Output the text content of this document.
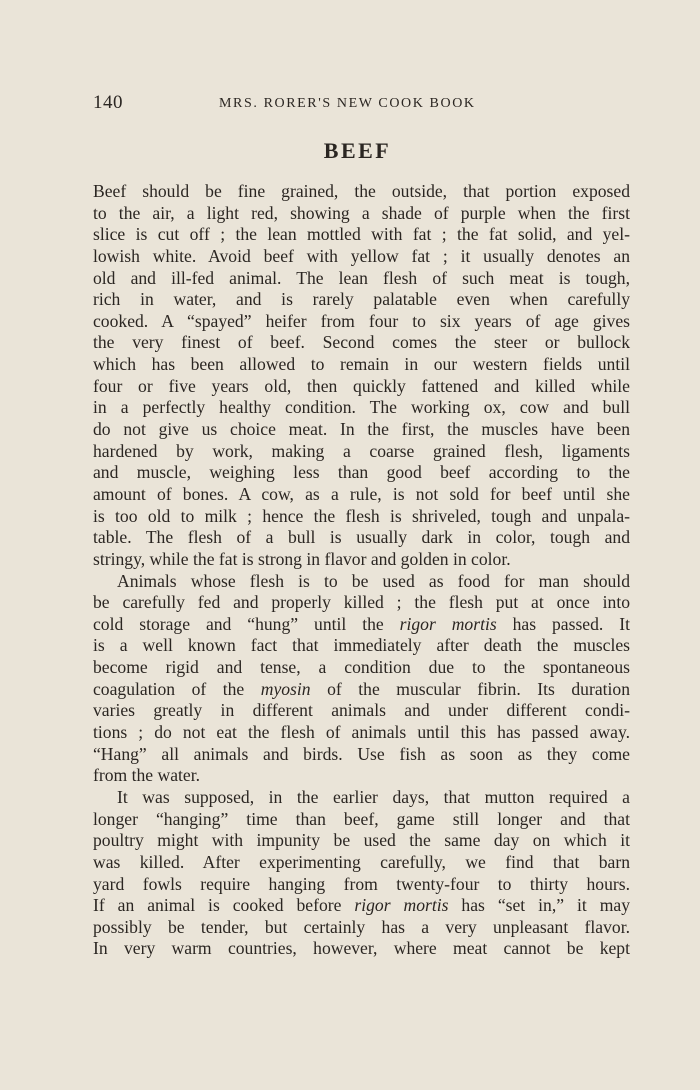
140	MRS. RORER'S NEW COOK BOOK
BEEF
Beef should be fine grained, the outside, that portion exposed
to the air, a light red, showing a shade of purple when the first
slice is cut off ; the lean mottled with fat ; the fat solid, and yel-
lowish white. Avoid beef with yellow fat ; it usually denotes an
old and ill-fed animal. The lean flesh of such meat is tough,
rich in water, and is rarely palatable even when carefully
cooked. A “spayed” heifer from four to six years of age gives
the very finest of beef. Second comes the steer or bullock
which has been allowed to remain in our western fields until
four or five years old, then quickly fattened and killed while
in a perfectly healthy condition. The working ox, cow and bull
do not give us choice meat. In the first, the muscles have been
hardened by work, making a coarse grained flesh, ligaments
and muscle, weighing less than good beef according to the
amount of bones. A cow, as a rule, is not sold for beef until she
is too old to milk ; hence the flesh is shriveled, tough and unpala-
table. The flesh of a bull is usually dark in color, tough and
stringy, while the fat is strong in flavor and golden in color.
Animals whose flesh is to be used as food for man should
be carefully fed and properly killed ; the flesh put at once into
cold storage and “hung” until the rigor mortis has passed. It
is a well known fact that immediately after death the muscles
become rigid and tense, a condition due to the spontaneous
coagulation of the myosin of the muscular fibrin. Its duration
varies greatly in different animals and under different condi-
tions ; do not eat the flesh of animals until this has passed away.
“Hang” all animals and birds. Use fish as soon as they come
from the water.
It was supposed, in the earlier days, that mutton required a
longer “hanging” time than beef, game still longer and that
poultry might with impunity be used the same day on which it
was killed. After experimenting carefully, we find that barn
yard fowls require hanging from twenty-four to thirty hours.
If an animal is cooked before rigor mortis has “set in,” it may
possibly be tender, but certainly has a very unpleasant flavor.
In very warm countries, however, where meat cannot be kept
